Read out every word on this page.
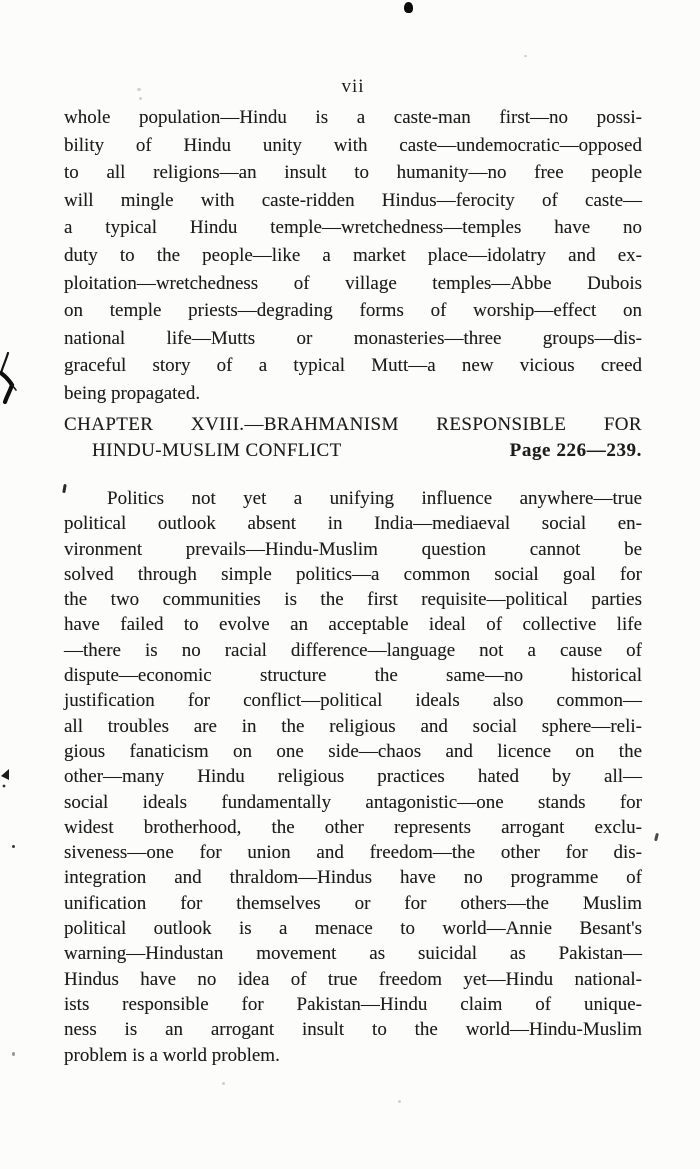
vii
whole population—Hindu is a caste-man first—no possi-
bility of Hindu unity with caste—undemocratic—opposed
to all religions—an insult to humanity—no free people
will mingle with caste-ridden Hindus—ferocity of caste—
a typical Hindu temple—wretchedness—temples have no
duty to the people—like a market place—idolatry and ex-
ploitation—wretchedness of village temples—Abbe Dubois
on temple priests—degrading forms of worship—effect on
national life—Mutts or monasteries—three groups—dis-
graceful story of a typical Mutt—a new vicious creed
being propagated.
CHAPTER XVIII.—BRAHMANISM RESPONSIBLE FOR
HINDU-MUSLIM CONFLICT	Page 226—239.
Politics not yet a unifying influence anywhere—true
political outlook absent in India—mediaeval social en-
vironment prevails—Hindu-Muslim question cannot be
solved through simple politics—a common social goal for
the two communities is the first requisite—political parties
have failed to evolve an acceptable ideal of collective life
—there is no racial difference—language not a cause of
dispute—economic structure the same—no historical
justification for conflict—political ideals also common—
all troubles are in the religious and social sphere—reli-
gious fanaticism on one side—chaos and licence on the
other—many Hindu religious practices hated by all—
social ideals fundamentally antagonistic—one stands for
widest brotherhood, the other represents arrogant exclu-
siveness—one for union and freedom—the other for dis-
integration and thraldom—Hindus have no programme of
unification for themselves or for others—the Muslim
political outlook is a menace to world—Annie Besant's
warning—Hindustan movement as suicidal as Pakistan—
Hindus have no idea of true freedom yet—Hindu national-
ists responsible for Pakistan—Hindu claim of unique-
ness is an arrogant insult to the world—Hindu-Muslim
problem is a world problem.
